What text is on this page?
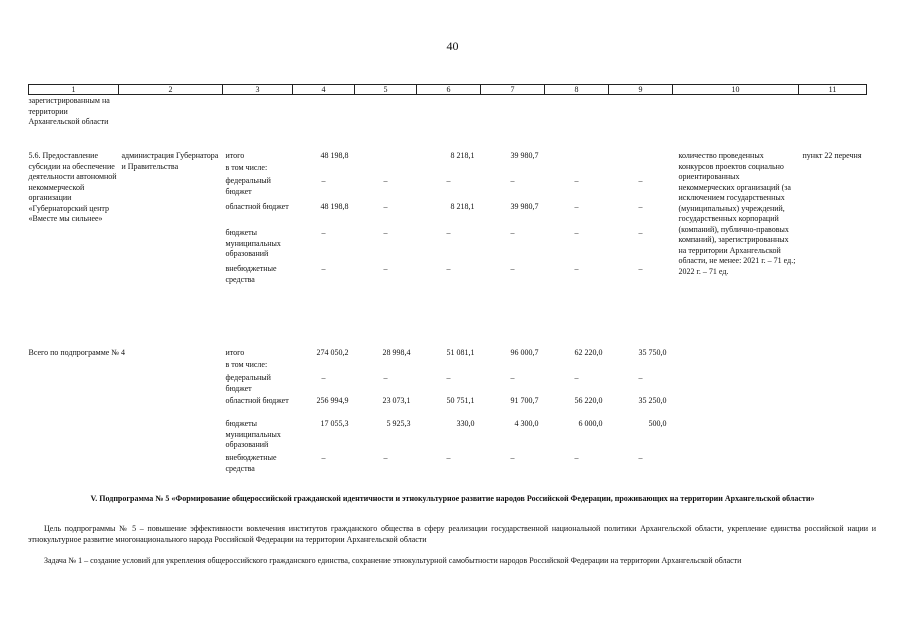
40
1	2	3	4	5	6	7	8	9	10	11
зарегистрированным на территории Архангельской области										
5.6. Предоставление субсидии на обеспечение деятельности автономной некоммерческой организации «Губернаторский центр «Вместе мы сильнее»	администрация Губернатора и Правительства	итого	48 198,8		8 218,1	39 980,7			количество проведенных конкурсов проектов социально ориентированных некоммерческих организаций (за исключением государственных (муниципальных) учреждений, государственных корпораций (компаний), публично-правовых компаний), зарегистрированных на территории Архангельской области, не менее: 2021 г. – 71 ед.; 2022 г. – 71 ед.	пункт 22 перечня
		в том числе:								
		федеральный бюджет	–	–	–	–	–	–		
		областной бюджет	48 198,8	–	8 218,1	39 980,7	–	–		
		бюджеты муниципальных образований	–	–	–	–	–	–		
		внебюджетные средства	–	–	–	–	–	–		
Всего по подпрограмме № 4		итого	274 050,2	28 998,4	51 081,1	96 000,7	62 220,0	35 750,0		
		в том числе:								
		федеральный бюджет	–	–	–	–	–	–		
		областной бюджет	256 994,9	23 073,1	50 751,1	91 700,7	56 220,0	35 250,0		
		бюджеты муниципальных образований	17 055,3	5 925,3	330,0	4 300,0	6 000,0	500,0		
		внебюджетные средства	–	–	–	–	–	–		
V. Подпрограмма № 5 «Формирование общероссийской гражданской идентичности и этнокультурное развитие народов Российской Федерации, проживающих на территории Архангельской области»
Цель подпрограммы № 5 – повышение эффективности вовлечения институтов гражданского общества в сферу реализации государственной национальной политики Архангельской области, укрепление единства российской нации и этнокультурное развитие многонационального народа Российской Федерации на территории Архангельской области
Задача № 1 – создание условий для укрепления общероссийского гражданского единства, сохранение этнокультурной самобытности народов Российской Федерации на территории Архангельской области
